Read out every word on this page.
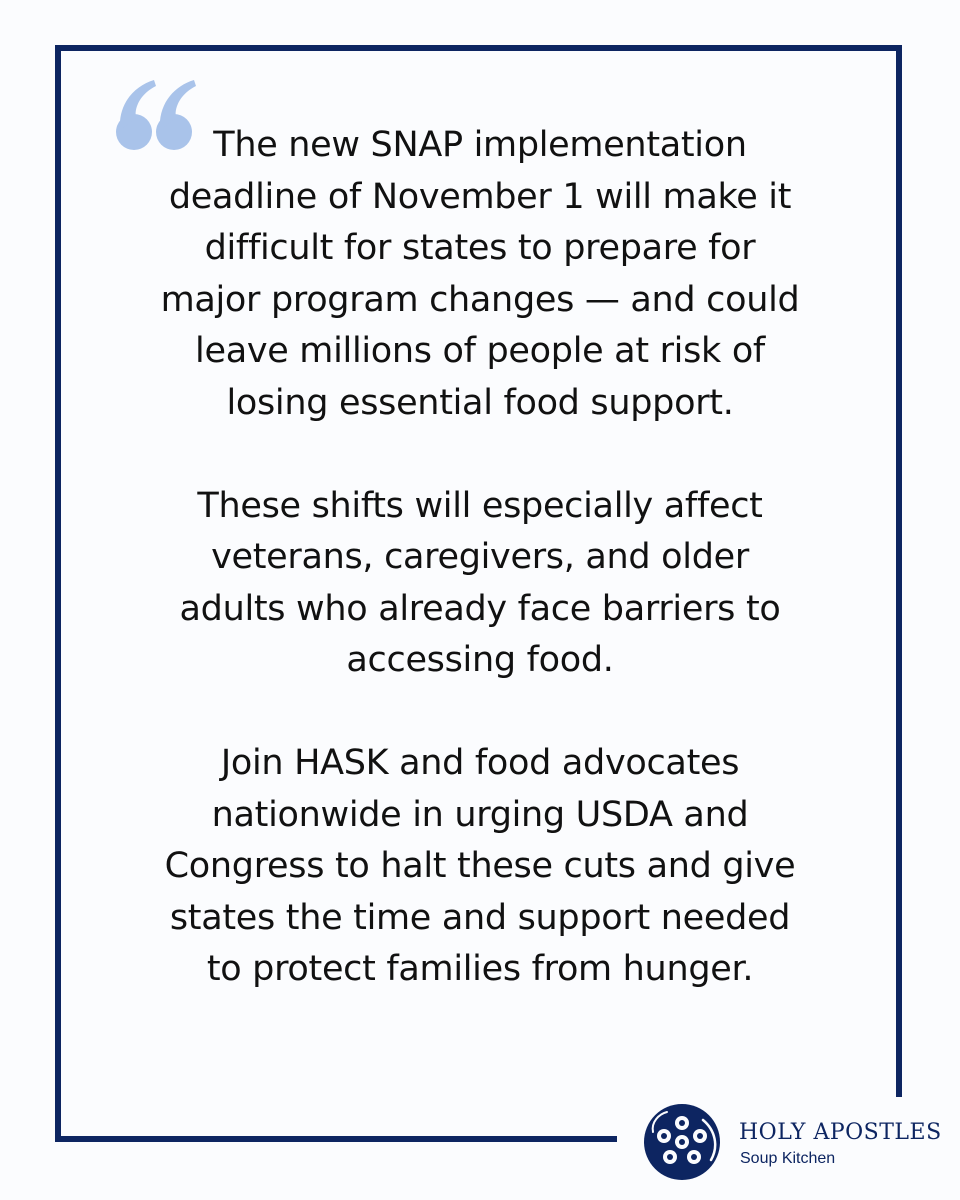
The new SNAP implementation
deadline of November 1 will make it
difficult for states to prepare for
major program changes — and could
leave millions of people at risk of
losing essential food support.

These shifts will especially affect
veterans, caregivers, and older
adults who already face barriers to
accessing food.

Join HASK and food advocates
nationwide in urging USDA and
Congress to halt these cuts and give
states the time and support needed
to protect families from hunger.

HOLY APOSTLES
Soup Kitchen
